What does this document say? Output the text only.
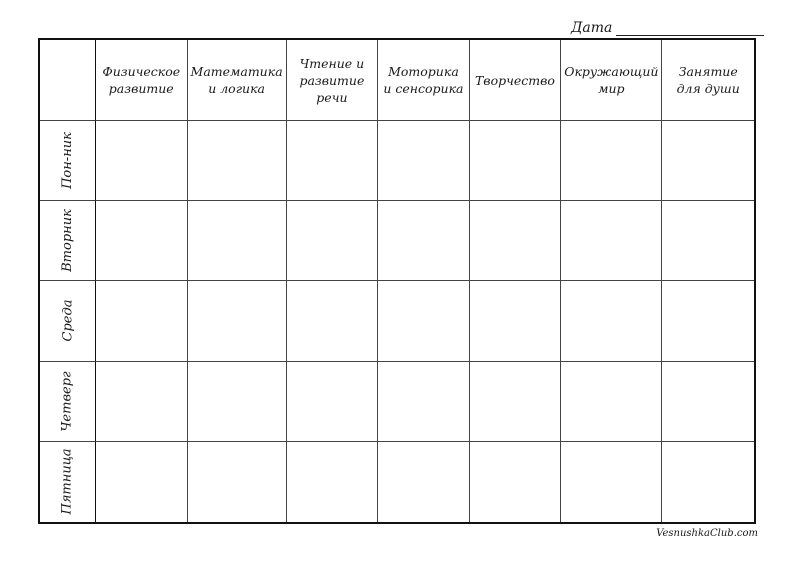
Дата
Физическое
развитие
Математика
и логика
Чтение и
развитие речи
Моторика
и сенсорика
Творчество
Окружающий
мир
Занятие
для души
Пон-ник
Вторник
Среда
Четверг
Пятница
VesnushkaClub.com
